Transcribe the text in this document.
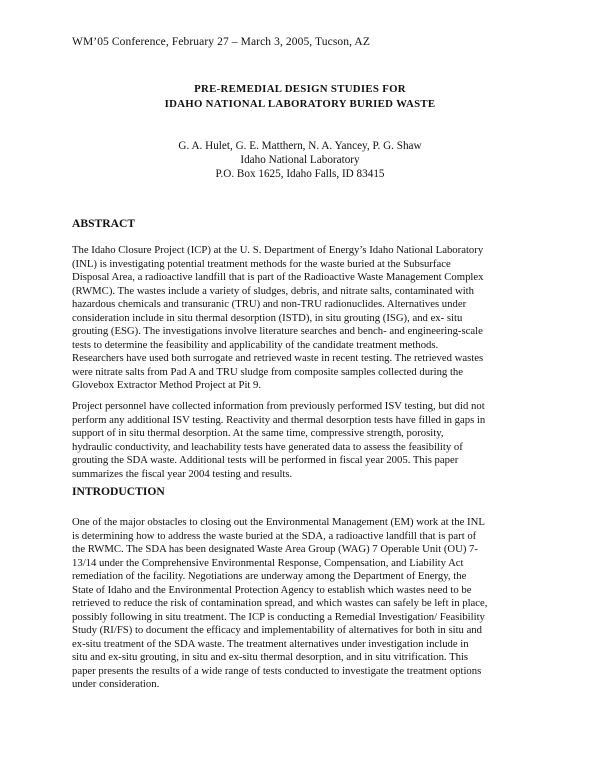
WM’05 Conference, February 27 – March 3, 2005, Tucson, AZ
PRE-REMEDIAL DESIGN STUDIES FOR
IDAHO NATIONAL LABORATORY BURIED WASTE
G. A. Hulet, G. E. Matthern, N. A. Yancey, P. G. Shaw
Idaho National Laboratory
P.O. Box 1625, Idaho Falls, ID 83415
ABSTRACT
The Idaho Closure Project (ICP) at the U. S. Department of Energy’s Idaho National Laboratory
(INL) is investigating potential treatment methods for the waste buried at the Subsurface
Disposal Area, a radioactive landfill that is part of the Radioactive Waste Management Complex
(RWMC). The wastes include a variety of sludges, debris, and nitrate salts, contaminated with
hazardous chemicals and transuranic (TRU) and non-TRU radionuclides. Alternatives under
consideration include in situ thermal desorption (ISTD), in situ grouting (ISG), and ex- situ
grouting (ESG). The investigations involve literature searches and bench- and engineering-scale
tests to determine the feasibility and applicability of the candidate treatment methods.
Researchers have used both surrogate and retrieved waste in recent testing. The retrieved wastes
were nitrate salts from Pad A and TRU sludge from composite samples collected during the
Glovebox Extractor Method Project at Pit 9.
Project personnel have collected information from previously performed ISV testing, but did not
perform any additional ISV testing. Reactivity and thermal desorption tests have filled in gaps in
support of in situ thermal desorption. At the same time, compressive strength, porosity,
hydraulic conductivity, and leachability tests have generated data to assess the feasibility of
grouting the SDA waste. Additional tests will be performed in fiscal year 2005. This paper
summarizes the fiscal year 2004 testing and results.
INTRODUCTION
One of the major obstacles to closing out the Environmental Management (EM) work at the INL
is determining how to address the waste buried at the SDA, a radioactive landfill that is part of
the RWMC. The SDA has been designated Waste Area Group (WAG) 7 Operable Unit (OU) 7-
13/14 under the Comprehensive Environmental Response, Compensation, and Liability Act
remediation of the facility. Negotiations are underway among the Department of Energy, the
State of Idaho and the Environmental Protection Agency to establish which wastes need to be
retrieved to reduce the risk of contamination spread, and which wastes can safely be left in place,
possibly following in situ treatment. The ICP is conducting a Remedial Investigation/ Feasibility
Study (RI/FS) to document the efficacy and implementability of alternatives for both in situ and
ex-situ treatment of the SDA waste. The treatment alternatives under investigation include in
situ and ex-situ grouting, in situ and ex-situ thermal desorption, and in situ vitrification. This
paper presents the results of a wide range of tests conducted to investigate the treatment options
under consideration.
